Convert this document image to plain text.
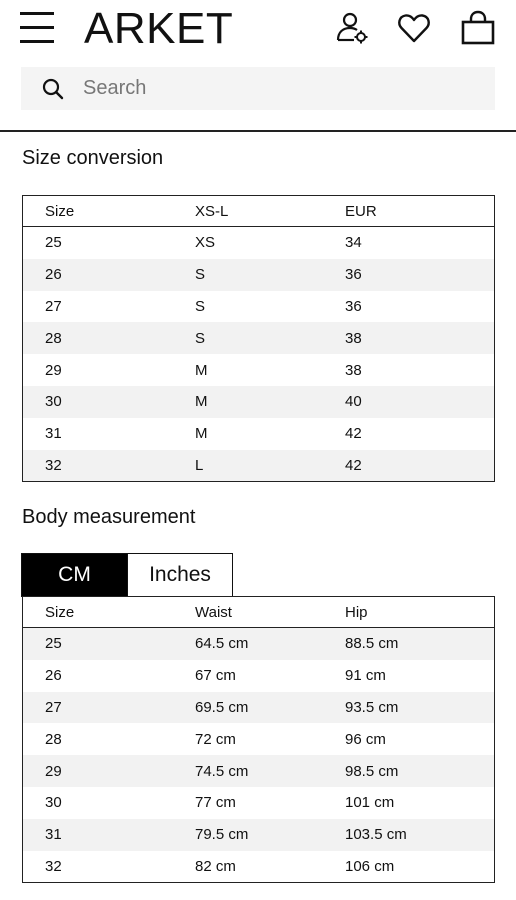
ARKET
Search
Size conversion
Size	XS-L	EUR
25	XS	34
26	S	36
27	S	36
28	S	38
29	M	38
30	M	40
31	M	42
32	L	42
Body measurement
CM	Inches
Size	Waist	Hip
25	64.5 cm	88.5 cm
26	67 cm	91 cm
27	69.5 cm	93.5 cm
28	72 cm	96 cm
29	74.5 cm	98.5 cm
30	77 cm	101 cm
31	79.5 cm	103.5 cm
32	82 cm	106 cm
